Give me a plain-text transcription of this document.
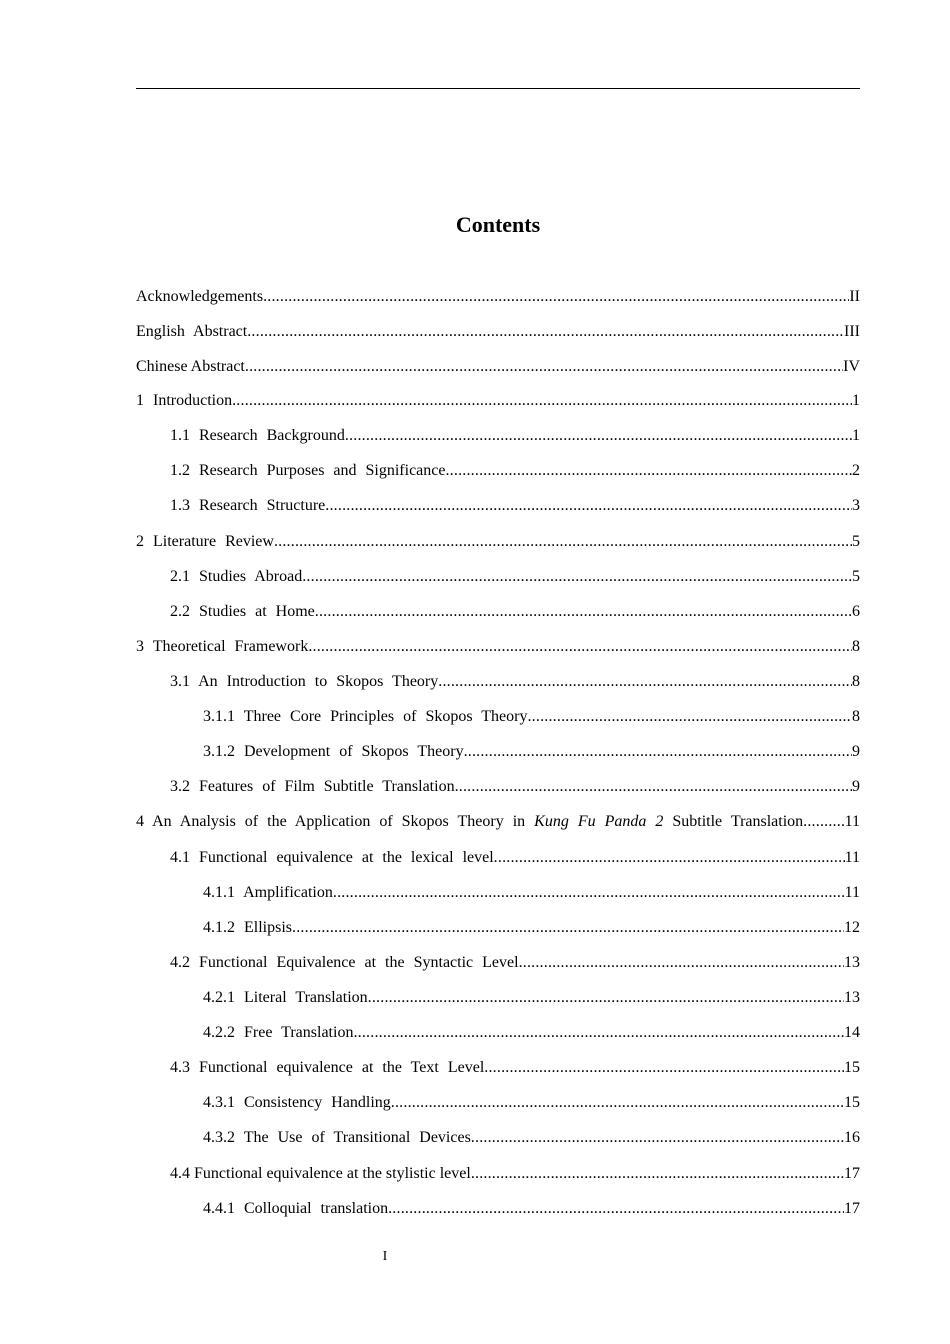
Contents
Acknowledgements .....	II
English Abstract .....	III
Chinese Abstract .....	IV
1 Introduction .....	1
1.1 Research Background .....	1
1.2 Research Purposes and Significance .....	2
1.3 Research Structure .....	3
2 Literature Review .....	5
2.1 Studies Abroad .....	5
2.2 Studies at Home .....	6
3 Theoretical Framework .....	8
3.1 An Introduction to Skopos Theory .....	8
3.1.1 Three Core Principles of Skopos Theory .....	8
3.1.2 Development of Skopos Theory .....	9
3.2 Features of Film Subtitle Translation .....	9
4 An Analysis of the Application of Skopos Theory in Kung Fu Panda 2 Subtitle Translation .....	11
4.1 Functional equivalence at the lexical level .....	11
4.1.1 Amplification .....	11
4.1.2 Ellipsis .....	12
4.2 Functional Equivalence at the Syntactic Level .....	13
4.2.1 Literal Translation .....	13
4.2.2 Free Translation .....	14
4.3 Functional equivalence at the Text Level .....	15
4.3.1 Consistency Handling .....	15
4.3.2 The Use of Transitional Devices .....	16
4.4 Functional equivalence at the stylistic level .....	17
4.4.1 Colloquial translation .....	17
I
